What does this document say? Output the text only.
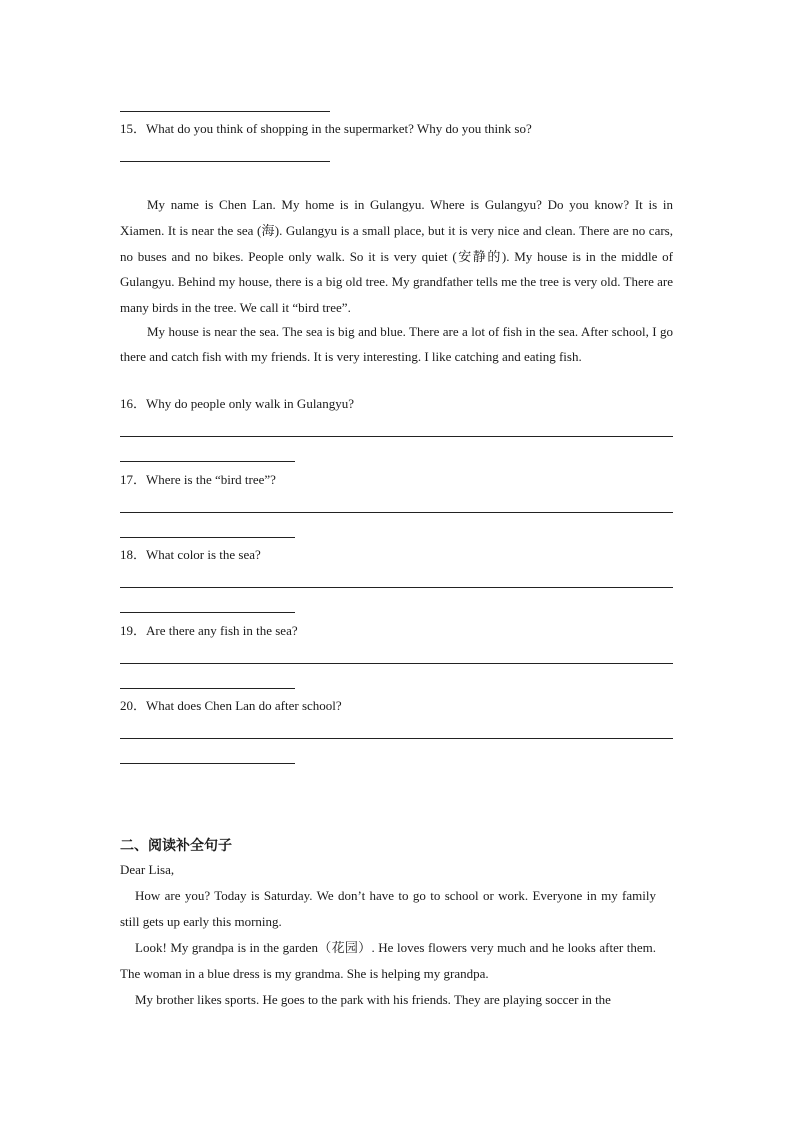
15．What do you think of shopping in the supermarket? Why do you think so?

My name is Chen Lan. My home is in Gulangyu. Where is Gulangyu? Do you know? It is in Xiamen. It is near the sea (海). Gulangyu is a small place, but it is very nice and clean. There are no cars, no buses and no bikes. People only walk. So it is very quiet (安静的). My house is in the middle of Gulangyu. Behind my house, there is a big old tree. My grandfather tells me the tree is very old. There are many birds in the tree. We call it “bird tree”.

My house is near the sea. The sea is big and blue. There are a lot of fish in the sea. After school, I go there and catch fish with my friends. It is very interesting. I like catching and eating fish.

16．Why do people only walk in Gulangyu?
17．Where is the “bird tree”?
18．What color is the sea?
19．Are there any fish in the sea?
20．What does Chen Lan do after school?
二、阅读补全句子
Dear Lisa,

How are you? Today is Saturday. We don’t have to go to school or work. Everyone in my family still gets up early this morning.

Look! My grandpa is in the garden（花园）. He loves flowers very much and he looks after them. The woman in a blue dress is my grandma. She is helping my grandpa.

My brother likes sports. He goes to the park with his friends. They are playing soccer in the
